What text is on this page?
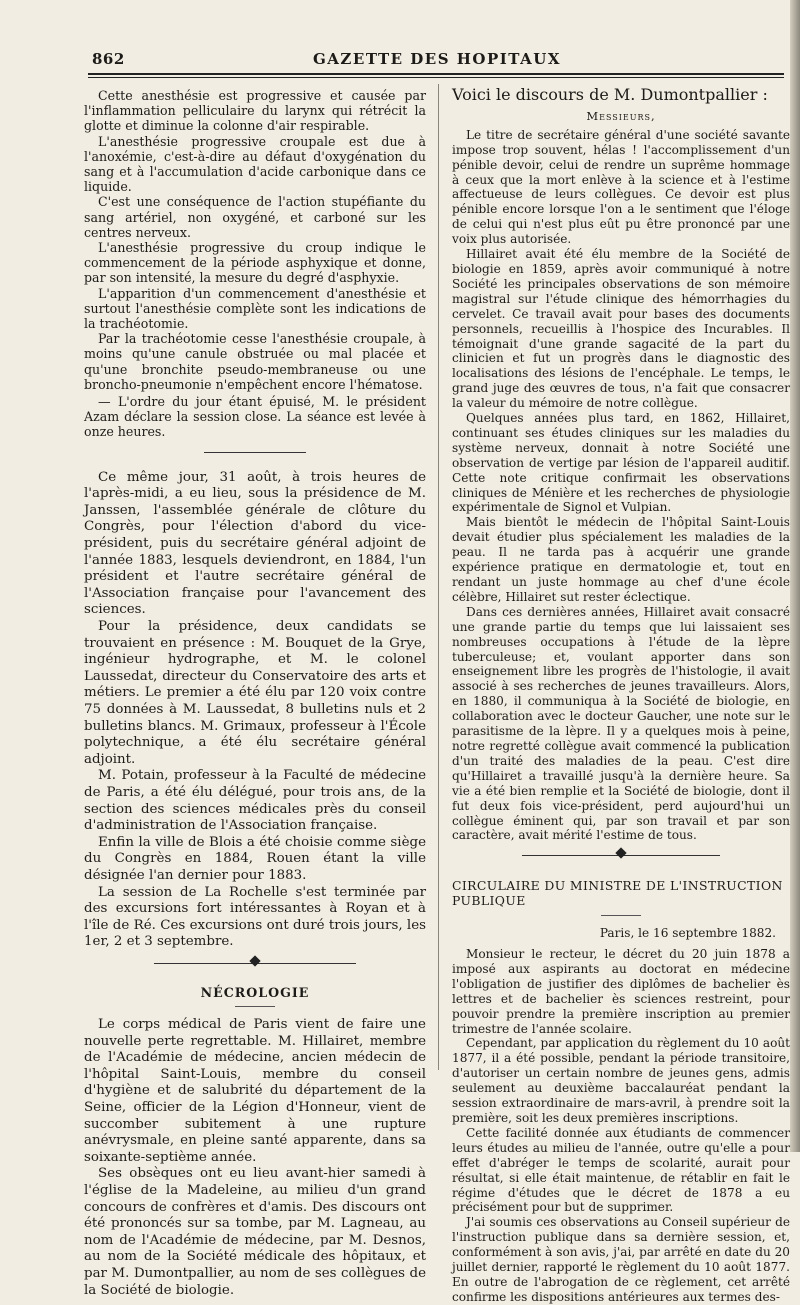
862	GAZETTE DES HOPITAUX

Cette anesthésie est progressive et causée par l'inflammation pelliculaire du larynx qui rétrécit la glotte et diminue la colonne d'air respirable.

L'anesthésie progressive croupale est due à l'anoxémie, c'est-à-dire au défaut d'oxygénation du sang et à l'accumulation d'acide carbonique dans ce liquide.

C'est une conséquence de l'action stupéfiante du sang artériel, non oxygéné, et carboné sur les centres nerveux.

L'anesthésie progressive du croup indique le commencement de la période asphyxique et donne, par son intensité, la mesure du degré d'asphyxie.

L'apparition d'un commencement d'anesthésie et surtout l'anesthésie complète sont les indications de la trachéotomie.

Par la trachéotomie cesse l'anesthésie croupale, à moins qu'une canule obstruée ou mal placée et qu'une bronchite pseudo-membraneuse ou une broncho-pneumonie n'empêchent encore l'hématose.

— L'ordre du jour étant épuisé, M. le président Azam déclare la session close. La séance est levée à onze heures.

Ce même jour, 31 août, à trois heures de l'après-midi, a eu lieu, sous la présidence de M. Janssen, l'assemblée générale de clôture du Congrès, pour l'élection d'abord du vice-président, puis du secrétaire général adjoint de l'année 1883, lesquels deviendront, en 1884, l'un président et l'autre secrétaire général de l'Association française pour l'avancement des sciences.

Pour la présidence, deux candidats se trouvaient en présence : M. Bouquet de la Grye, ingénieur hydrographe, et M. le colonel Laussedat, directeur du Conservatoire des arts et métiers. Le premier a été élu par 120 voix contre 75 données à M. Laussedat, 8 bulletins nuls et 2 bulletins blancs. M. Grimaux, professeur à l'École polytechnique, a été élu secrétaire général adjoint.

M. Potain, professeur à la Faculté de médecine de Paris, a été élu délégué, pour trois ans, de la section des sciences médicales près du conseil d'administration de l'Association française.

Enfin la ville de Blois a été choisie comme siège du Congrès en 1884, Rouen étant la ville désignée l'an dernier pour 1883.

La session de La Rochelle s'est terminée par des excursions fort intéressantes à Royan et à l'île de Ré. Ces excursions ont duré trois jours, les 1er, 2 et 3 septembre.

NÉCROLOGIE

Le corps médical de Paris vient de faire une nouvelle perte regrettable. M. Hillairet, membre de l'Académie de médecine, ancien médecin de l'hôpital Saint-Louis, membre du conseil d'hygiène et de salubrité du département de la Seine, officier de la Légion d'Honneur, vient de succomber subitement à une rupture anévrysmale, en pleine santé apparente, dans sa soixante-septième année.

Ses obsèques ont eu lieu avant-hier samedi à l'église de la Madeleine, au milieu d'un grand concours de confrères et d'amis. Des discours ont été prononcés sur sa tombe, par M. Lagneau, au nom de l'Académie de médecine, par M. Desnos, au nom de la Société médicale des hôpitaux, et par M. Dumontpallier, au nom de ses collègues de la Société de biologie.

Voici le discours de M. Dumontpallier :

Messieurs,

Le titre de secrétaire général d'une société savante impose trop souvent, hélas ! l'accomplissement d'un pénible devoir, celui de rendre un suprême hommage à ceux que la mort enlève à la science et à l'estime affectueuse de leurs collègues. Ce devoir est plus pénible encore lorsque l'on a le sentiment que l'éloge de celui qui n'est plus eût pu être prononcé par une voix plus autorisée.

Hillairet avait été élu membre de la Société de biologie en 1859, après avoir communiqué à notre Société les principales observations de son mémoire magistral sur l'étude clinique des hémorrhagies du cervelet. Ce travail avait pour bases des documents personnels, recueillis à l'hospice des Incurables. Il témoignait d'une grande sagacité de la part du clinicien et fut un progrès dans le diagnostic des localisations des lésions de l'encéphale. Le temps, le grand juge des œuvres de tous, n'a fait que consacrer la valeur du mémoire de notre collègue.

Quelques années plus tard, en 1862, Hillairet, continuant ses études cliniques sur les maladies du système nerveux, donnait à notre Société une observation de vertige par lésion de l'appareil auditif. Cette note critique confirmait les observations cliniques de Ménière et les recherches de physiologie expérimentale de Signol et Vulpian.

Mais bientôt le médecin de l'hôpital Saint-Louis devait étudier plus spécialement les maladies de la peau. Il ne tarda pas à acquérir une grande expérience pratique en dermatologie et, tout en rendant un juste hommage au chef d'une école célèbre, Hillairet sut rester éclectique.

Dans ces dernières années, Hillairet avait consacré une grande partie du temps que lui laissaient ses nombreuses occupations à l'étude de la lèpre tuberculeuse; et, voulant apporter dans son enseignement libre les progrès de l'histologie, il avait associé à ses recherches de jeunes travailleurs. Alors, en 1880, il communiqua à la Société de biologie, en collaboration avec le docteur Gaucher, une note sur le parasitisme de la lèpre. Il y a quelques mois à peine, notre regretté collègue avait commencé la publication d'un traité des maladies de la peau. C'est dire qu'Hillairet a travaillé jusqu'à la dernière heure. Sa vie a été bien remplie et la Société de biologie, dont il fut deux fois vice-président, perd aujourd'hui un collègue éminent qui, par son travail et par son caractère, avait mérité l'estime de tous.

CIRCULAIRE DU MINISTRE DE L'INSTRUCTION PUBLIQUE

Paris, le 16 septembre 1882.

Monsieur le recteur, le décret du 20 juin 1878 a imposé aux aspirants au doctorat en médecine l'obligation de justifier des diplômes de bachelier ès lettres et de bachelier ès sciences restreint, pour pouvoir prendre la première inscription au premier trimestre de l'année scolaire.

Cependant, par application du règlement du 10 août 1877, il a été possible, pendant la période transitoire, d'autoriser un certain nombre de jeunes gens, admis seulement au deuxième baccalauréat pendant la session extraordinaire de mars-avril, à prendre soit la première, soit les deux premières inscriptions.

Cette facilité donnée aux étudiants de commencer leurs études au milieu de l'année, outre qu'elle a pour effet d'abréger le temps de scolarité, aurait pour résultat, si elle était maintenue, de rétablir en fait le régime d'études que le décret de 1878 a eu précisément pour but de supprimer.

J'ai soumis ces observations au Conseil supérieur de l'instruction publique dans sa dernière session, et, conformément à son avis, j'ai, par arrêté en date du 20 juillet dernier, rapporté le règlement du 10 août 1877. En outre de l'abrogation de ce règlement, cet arrêté confirme les dispositions antérieures aux termes des-
